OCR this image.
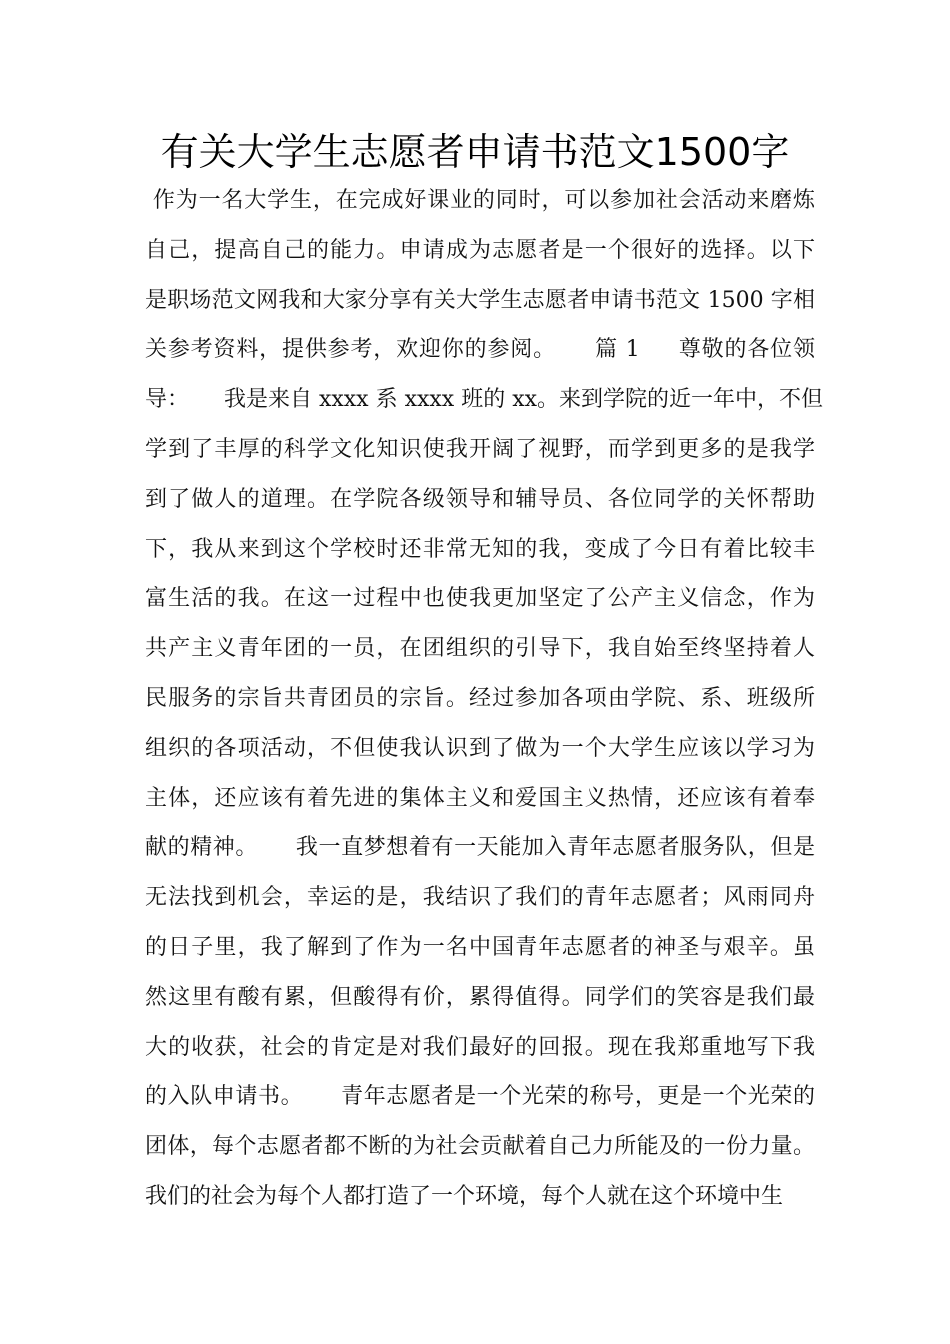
有关大学生志愿者申请书范文1500字
作为一名大学生，在完成好课业的同时，可以参加社会活动来磨炼
自己，提高自己的能力。申请成为志愿者是一个很好的选择。以下
是职场范文网我和大家分享有关大学生志愿者申请书范文 1500 字相
关参考资料，提供参考，欢迎你的参阅。     篇 1     尊敬的各位领
导：     我是来自 xxxx 系 xxxx 班的 xx。来到学院的近一年中，不但
学到了丰厚的科学文化知识使我开阔了视野，而学到更多的是我学
到了做人的道理。在学院各级领导和辅导员、各位同学的关怀帮助
下，我从来到这个学校时还非常无知的我，变成了今日有着比较丰
富生活的我。在这一过程中也使我更加坚定了公产主义信念，作为
共产主义青年团的一员，在团组织的引导下，我自始至终坚持着人
民服务的宗旨共青团员的宗旨。经过参加各项由学院、系、班级所
组织的各项活动，不但使我认识到了做为一个大学生应该以学习为
主体，还应该有着先进的集体主义和爱国主义热情，还应该有着奉
献的精神。     我一直梦想着有一天能加入青年志愿者服务队，但是
无法找到机会，幸运的是，我结识了我们的青年志愿者；风雨同舟
的日子里，我了解到了作为一名中国青年志愿者的神圣与艰辛。虽
然这里有酸有累，但酸得有价，累得值得。同学们的笑容是我们最
大的收获，社会的肯定是对我们最好的回报。现在我郑重地写下我
的入队申请书。     青年志愿者是一个光荣的称号，更是一个光荣的
团体，每个志愿者都不断的为社会贡献着自己力所能及的一份力量。
我们的社会为每个人都打造了一个环境，每个人就在这个环境中生
